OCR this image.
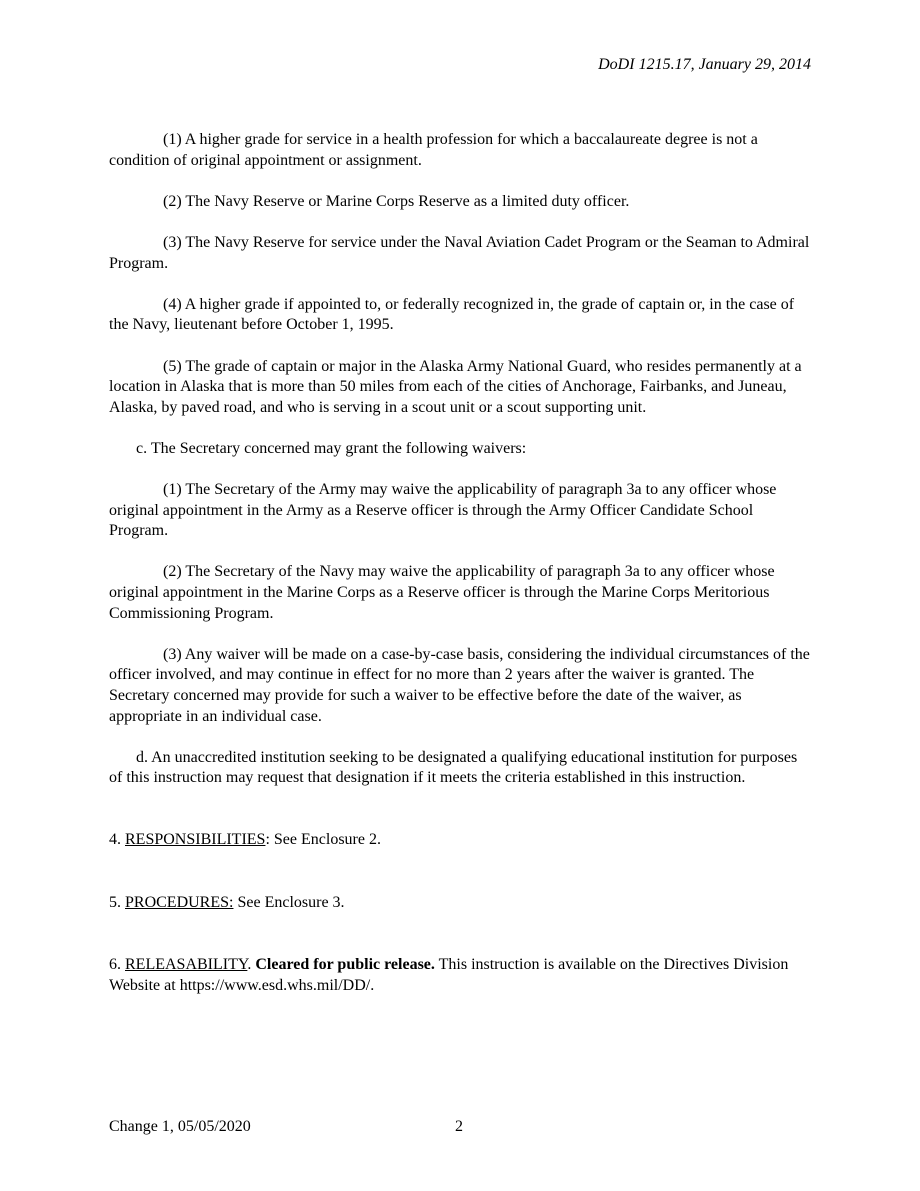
DoDI 1215.17, January 29, 2014

(1) A higher grade for service in a health profession for which a baccalaureate degree is not a condition of original appointment or assignment.

(2) The Navy Reserve or Marine Corps Reserve as a limited duty officer.

(3) The Navy Reserve for service under the Naval Aviation Cadet Program or the Seaman to Admiral Program.

(4) A higher grade if appointed to, or federally recognized in, the grade of captain or, in the case of the Navy, lieutenant before October 1, 1995.

(5) The grade of captain or major in the Alaska Army National Guard, who resides permanently at a location in Alaska that is more than 50 miles from each of the cities of Anchorage, Fairbanks, and Juneau, Alaska, by paved road, and who is serving in a scout unit or a scout supporting unit.

c. The Secretary concerned may grant the following waivers:

(1) The Secretary of the Army may waive the applicability of paragraph 3a to any officer whose original appointment in the Army as a Reserve officer is through the Army Officer Candidate School Program.

(2) The Secretary of the Navy may waive the applicability of paragraph 3a to any officer whose original appointment in the Marine Corps as a Reserve officer is through the Marine Corps Meritorious Commissioning Program.

(3) Any waiver will be made on a case-by-case basis, considering the individual circumstances of the officer involved, and may continue in effect for no more than 2 years after the waiver is granted. The Secretary concerned may provide for such a waiver to be effective before the date of the waiver, as appropriate in an individual case.

d. An unaccredited institution seeking to be designated a qualifying educational institution for purposes of this instruction may request that designation if it meets the criteria established in this instruction.

4. RESPONSIBILITIES: See Enclosure 2.

5. PROCEDURES: See Enclosure 3.

6. RELEASABILITY. Cleared for public release. This instruction is available on the Directives Division Website at https://www.esd.whs.mil/DD/.

Change 1, 05/05/2020	2
